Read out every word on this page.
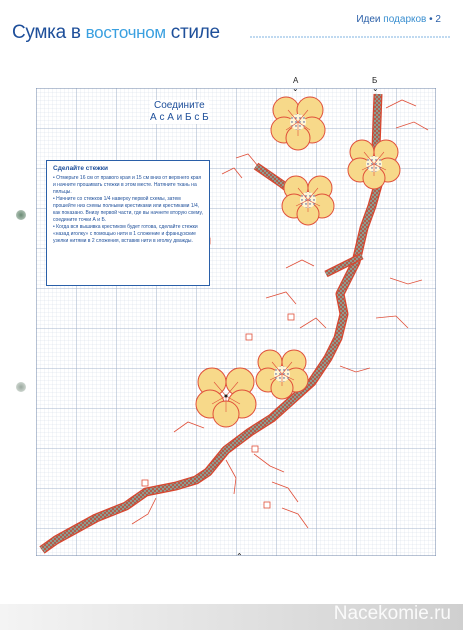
Идеи подарков • 2
Сумка в восточном стиле
А	Б
Соедините
А с А и Б с Б
Сделайте стежки

• Отмерьте 16 см от правого края и 15 см вниз от верхнего края и начните прошивать стежки в этом месте. Натяните ткань на пяльцы.

• Начните со стежков 1/4 наверху первой схемы, затем прошейте низ схемы полными крестиками или крестиками 1/4, как показано. Внизу первой части, где вы начнете вторую схему, соедините точки А и Б.

• Когда вся вышивка крестиком будет готова, сделайте стежки «назад иголку» с помощью нити в 1 сложение и французские узелки нитями в 2 сложения, вставив нити в иголку дважды.

⌃
Nacekomie.ru
